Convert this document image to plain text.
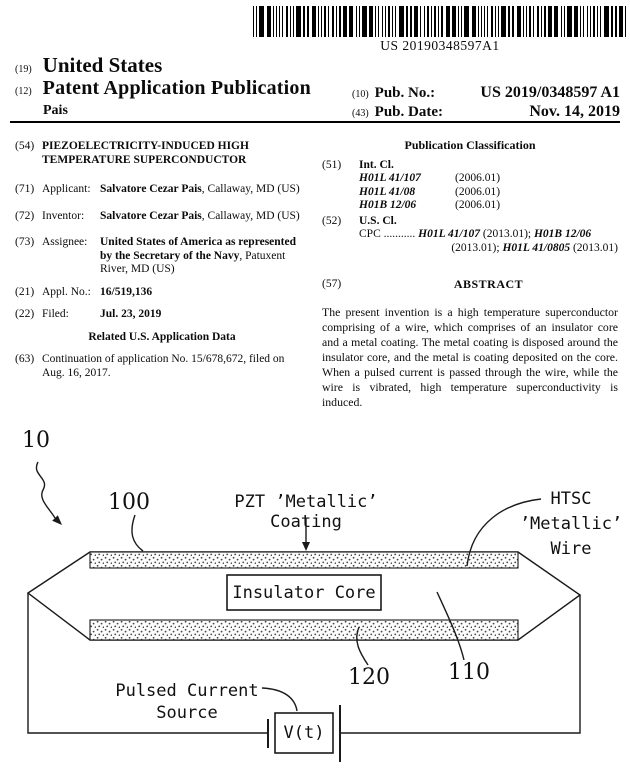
US 20190348597A1
(19) United States
(12) Patent Application Publication
Pais
(10) Pub. No.:	US 2019/0348597 A1
(43) Pub. Date:	Nov. 14, 2019
(54) PIEZOELECTRICITY-INDUCED HIGH TEMPERATURE SUPERCONDUCTOR
(71) Applicant: Salvatore Cezar Pais, Callaway, MD (US)
(72) Inventor:	Salvatore Cezar Pais, Callaway, MD (US)
(73) Assignee:	United States of America as represented by the Secretary of the Navy, Patuxent River, MD (US)
(21) Appl. No.: 16/519,136
(22) Filed:	Jul. 23, 2019
Related U.S. Application Data
(63) Continuation of application No. 15/678,672, filed on Aug. 16, 2017.
Publication Classification
(51)	Int. Cl.
H01L 41/107	(2006.01)
H01L 41/08	(2006.01)
H01B 12/06	(2006.01)
(52)	U.S. Cl.
CPC ........... H01L 41/107 (2013.01); H01B 12/06
(2013.01); H01L 41/0805 (2013.01)
(57)	ABSTRACT
The present invention is a high temperature superconductor comprising of a wire, which comprises of an insulator core and a metal coating. The metal coating is disposed around the insulator core, and the metal is coating deposited on the core. When a pulsed current is passed through the wire, while the wire is vibrated, high temperature superconductivity is induced.
10
100
110
120
PZT ’Metallic’ Coating
HTSC
’Metallic’
Wire
Insulator Core
Pulsed Current
Source
V(t)
